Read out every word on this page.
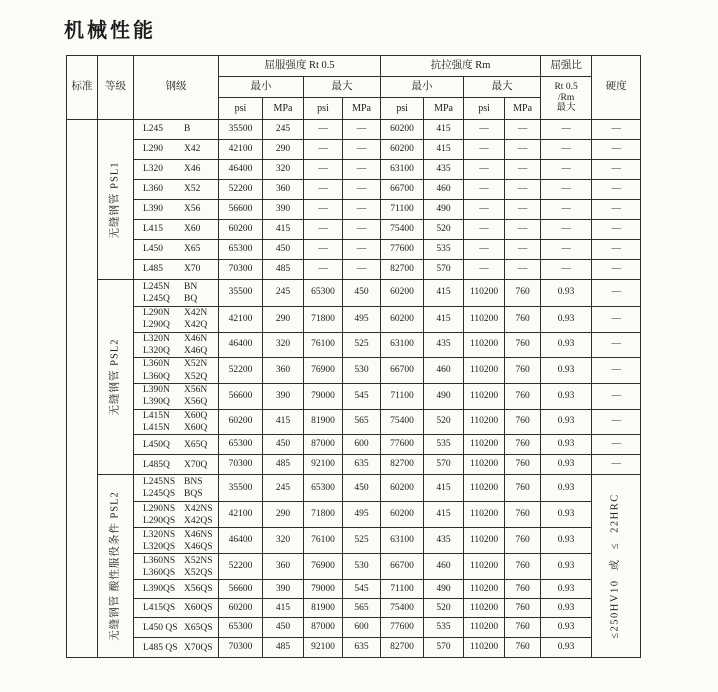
机械性能
标准	等级	钢级	屈服强度 Rt 0.5				抗拉强度 Rm				屈强比	硬度
			最小		最大		最小		最大		Rt 0.5
/Rm
最大	

			psi	MPa	psi	MPa	psi	MPa	psi	MPa		

	无缝钢管 PSL1	L245 B	35500	245	––	––	60200	415	––	––	––	––

		L290 X42	42100	290	––	––	60200	415	––	––	––	––

		L320 X46	46400	320	––	––	63100	435	––	––	––	––

		L360 X52	52200	360	––	––	66700	460	––	––	––	––

		L390 X56	56600	390	––	––	71100	490	––	––	––	––

		L415 X60	60200	415	––	––	75400	520	––	––	––	––

		L450 X65	65300	450	––	––	77600	535	––	––	––	––

		L485 X70	70300	485	––	––	82700	570	––	––	––	––

	无缝钢管 PSL2	L245N BN
L245Q BQ	35500	245	65300	450	60200	415	110200	760	0.93	––

		L290N X42N
L290Q X42Q	42100	290	71800	495	60200	415	110200	760	0.93	––

		L320N X46N
L320Q X46Q	46400	320	76100	525	63100	435	110200	760	0.93	––

		L360N X52N
L360Q X52Q	52200	360	76900	530	66700	460	110200	760	0.93	––

		L390N X56N
L390Q X56Q	56600	390	79000	545	71100	490	110200	760	0.93	––

		L415N X60Q
L415N X60Q	60200	415	81900	565	75400	520	110200	760	0.93	––

		L450Q X65Q	65300	450	87000	600	77600	535	110200	760	0.93	––

		L485Q X70Q	70300	485	92100	635	82700	570	110200	760	0.93	––

	无缝钢管 酸性服役条件 PSL2	L245NS BNS
L245QS BQS	35500	245	65300	450	60200	415	110200	760	0.93	≤250HV10 或 ≤ 22HRC

		L290NS X42NS
L290QS X42QS	42100	290	71800	495	60200	415	110200	760	0.93	

		L320NS X46NS
L320QS X46QS	46400	320	76100	525	63100	435	110200	760	0.93	

		L360NS X52NS
L360QS X52QS	52200	360	76900	530	66700	460	110200	760	0.93	

		L390QS X56QS	56600	390	79000	545	71100	490	110200	760	0.93	

		L415QS X60QS	60200	415	81900	565	75400	520	110200	760	0.93	

		L450 QS X65QS	65300	450	87000	600	77600	535	110200	760	0.93	

		L485 QS X70QS	70300	485	92100	635	82700	570	110200	760	0.93	
